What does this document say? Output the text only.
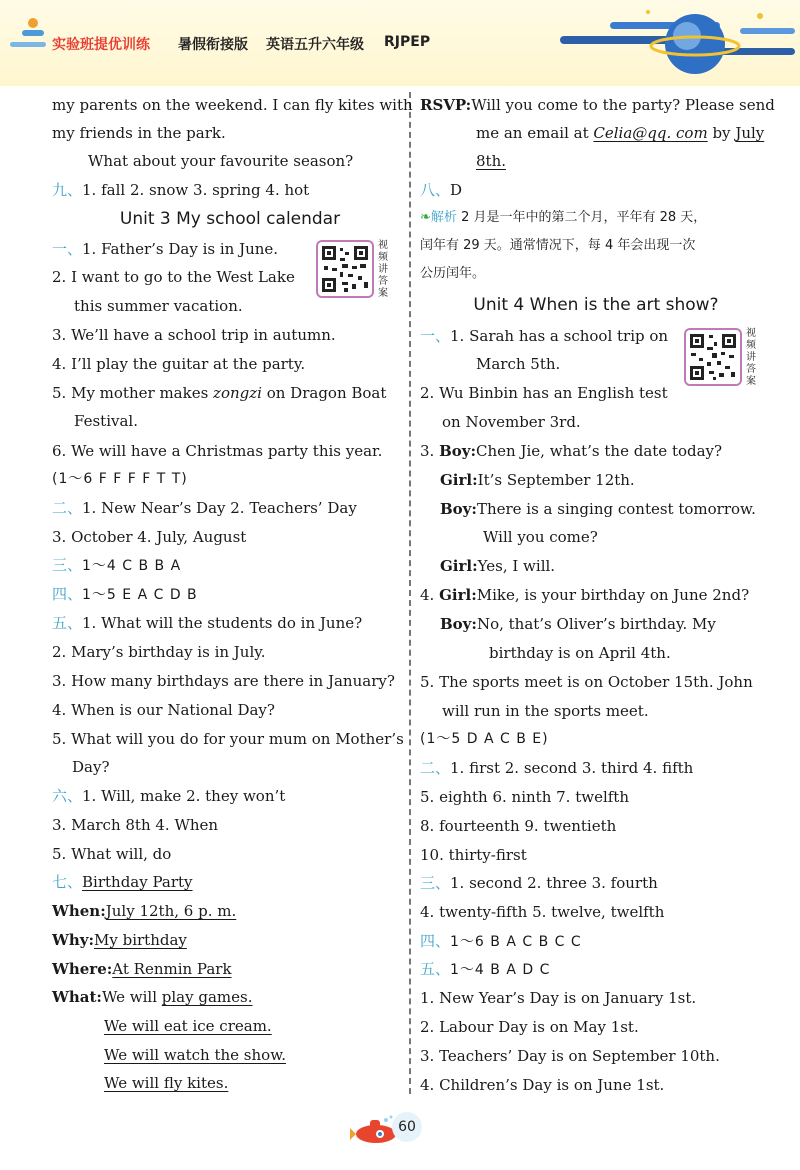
实验班提优训练 暑假衔接版 英语五升六年级 RJPEP
my parents on the weekend. I can fly kites with
my friends in the park.
What about your favourite season?
九、1. fall 2. snow 3. spring 4. hot
Unit 3 My school calendar
一、1. Father’s Day is in June.	视频讲答案
2. I want to go to the West Lake
this summer vacation.
3. We’ll have a school trip in autumn.
4. I’ll play the guitar at the party.
5. My mother makes zongzi on Dragon Boat
Festival.
6. We will have a Christmas party this year.
(1～6 F F F F T T)
二、1. New Near’s Day 2. Teachers’ Day
3. October 4. July, August
三、1～4 C B B A
四、1～5 E A C D B
五、1. What will the students do in June?
2. Mary’s birthday is in July.
3. How many birthdays are there in January?
4. When is our National Day?
5. What will you do for your mum on Mother’s
Day?
六、1. Will, make 2. they won’t
3. March 8th 4. When
5. What will, do
七、Birthday Party
When:July 12th, 6 p. m.
Why:My birthday
Where:At Renmin Park
What:We will play games.
We will eat ice cream.
We will watch the show.
We will fly kites.
RSVP:Will you come to the party? Please send
me an email at Celia@qq. com by July
8th.
八、D
❧解析 2 月是一年中的第二个月，平年有 28 天，
闰年有 29 天。通常情况下，每 4 年会出现一次
公历闰年。
Unit 4 When is the art show?
一、1. Sarah has a school trip on	视频讲答案
March 5th.
2. Wu Binbin has an English test
on November 3rd.
3. Boy:Chen Jie, what’s the date today?
Girl:It’s September 12th.
Boy:There is a singing contest tomorrow.
Will you come?
Girl:Yes, I will.
4. Girl:Mike, is your birthday on June 2nd?
Boy:No, that’s Oliver’s birthday. My
birthday is on April 4th.
5. The sports meet is on October 15th. John
will run in the sports meet.
(1～5 D A C B E)
二、1. first 2. second 3. third 4. fifth
5. eighth 6. ninth 7. twelfth
8. fourteenth 9. twentieth
10. thirty-first
三、1. second 2. three 3. fourth
4. twenty-fifth 5. twelve, twelfth
四、1～6 B A C B C C
五、1～4 B A D C
1. New Year’s Day is on January 1st.
2. Labour Day is on May 1st.
3. Teachers’ Day is on September 10th.
4. Children’s Day is on June 1st.
60
